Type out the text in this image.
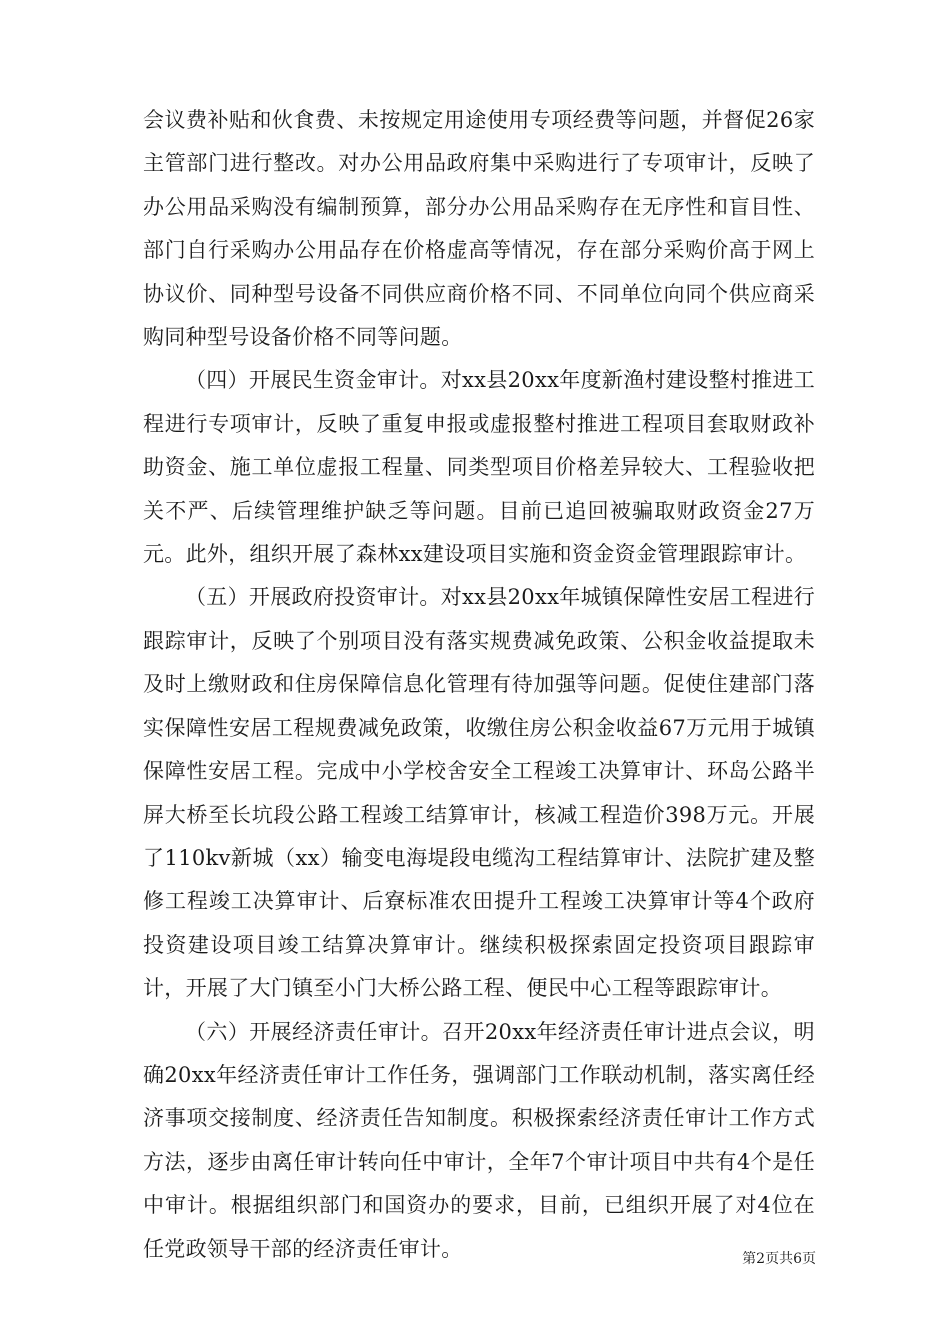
会议费补贴和伙食费、未按规定用途使用专项经费等问题，并督促26家主管部门进行整改。对办公用品政府集中采购进行了专项审计，反映了办公用品采购没有编制预算，部分办公用品采购存在无序性和盲目性、部门自行采购办公用品存在价格虚高等情况，存在部分采购价高于网上协议价、同种型号设备不同供应商价格不同、不同单位向同个供应商采购同种型号设备价格不同等问题。

（四）开展民生资金审计。对xx县20xx年度新渔村建设整村推进工程进行专项审计，反映了重复申报或虚报整村推进工程项目套取财政补助资金、施工单位虚报工程量、同类型项目价格差异较大、工程验收把关不严、后续管理维护缺乏等问题。目前已追回被骗取财政资金27万元。此外，组织开展了森林xx建设项目实施和资金资金管理跟踪审计。

（五）开展政府投资审计。对xx县20xx年城镇保障性安居工程进行跟踪审计，反映了个别项目没有落实规费减免政策、公积金收益提取未及时上缴财政和住房保障信息化管理有待加强等问题。促使住建部门落实保障性安居工程规费减免政策，收缴住房公积金收益67万元用于城镇保障性安居工程。完成中小学校舍安全工程竣工决算审计、环岛公路半屏大桥至长坑段公路工程竣工结算审计，核减工程造价398万元。开展了110kv新城（xx）输变电海堤段电缆沟工程结算审计、法院扩建及整修工程竣工决算审计、后寮标准农田提升工程竣工决算审计等4个政府投资建设项目竣工结算决算审计。继续积极探索固定投资项目跟踪审计，开展了大门镇至小门大桥公路工程、便民中心工程等跟踪审计。

（六）开展经济责任审计。召开20xx年经济责任审计进点会议，明确20xx年经济责任审计工作任务，强调部门工作联动机制，落实离任经济事项交接制度、经济责任告知制度。积极探索经济责任审计工作方式方法，逐步由离任审计转向任中审计，全年7个审计项目中共有4个是任中审计。根据组织部门和国资办的要求，目前，已组织开展了对4位在任党政领导干部的经济责任审计。	第2页共6页
